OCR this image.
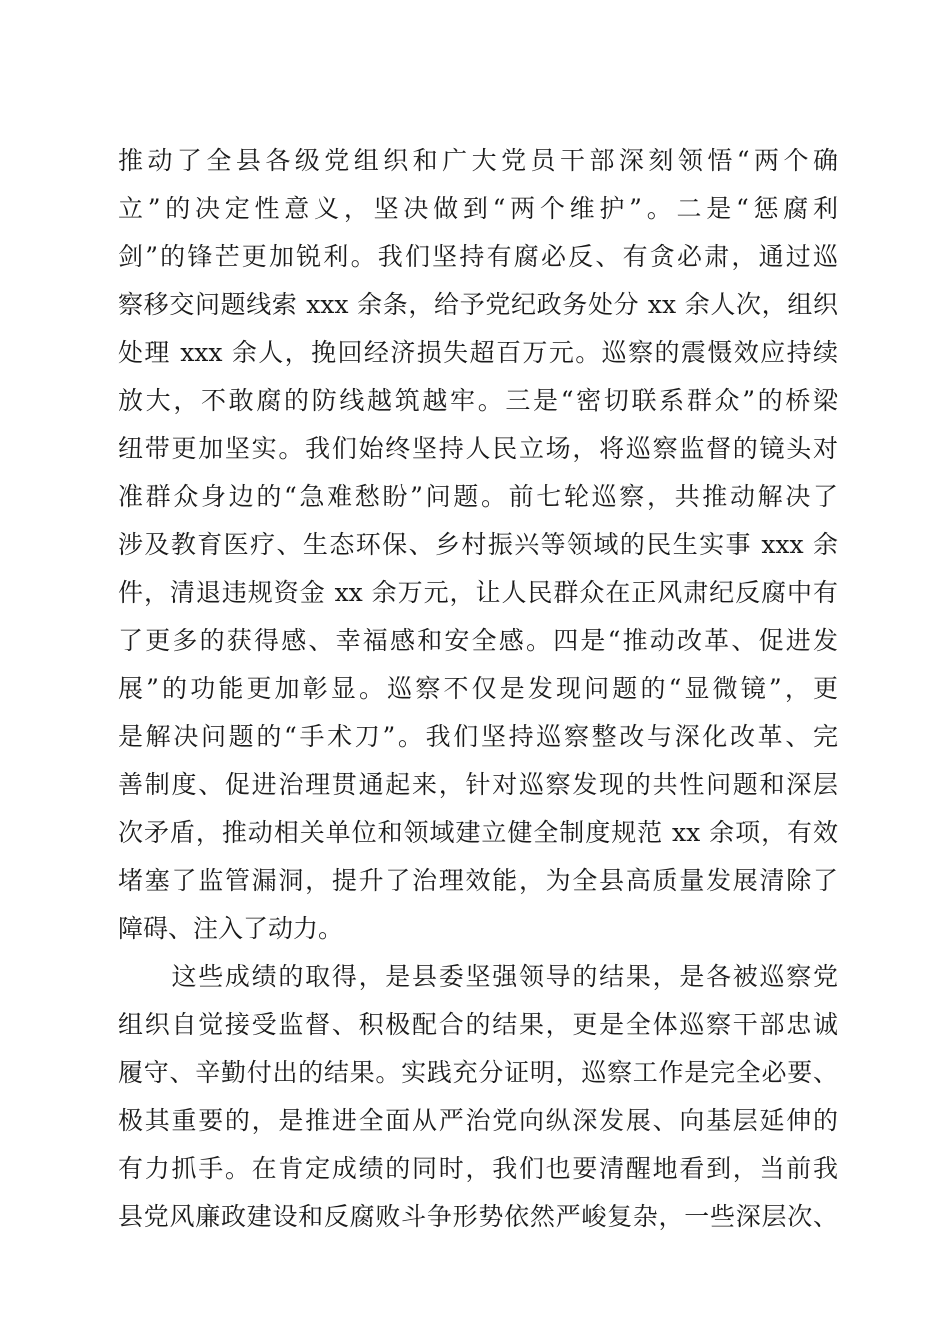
推动了全县各级党组织和广大党员干部深刻领悟“两个确
立”的决定性意义，坚决做到“两个维护”。二是“惩腐利
剑”的锋芒更加锐利。我们坚持有腐必反、有贪必肃，通过巡
察移交问题线索 xxx 余条，给予党纪政务处分 xx 余人次，组织
处理 xxx 余人，挽回经济损失超百万元。巡察的震慑效应持续
放大，不敢腐的防线越筑越牢。三是“密切联系群众”的桥梁
纽带更加坚实。我们始终坚持人民立场，将巡察监督的镜头对
准群众身边的“急难愁盼”问题。前七轮巡察，共推动解决了
涉及教育医疗、生态环保、乡村振兴等领域的民生实事 xxx 余
件，清退违规资金 xx 余万元，让人民群众在正风肃纪反腐中有
了更多的获得感、幸福感和安全感。四是“推动改革、促进发
展”的功能更加彰显。巡察不仅是发现问题的“显微镜”，更
是解决问题的“手术刀”。我们坚持巡察整改与深化改革、完
善制度、促进治理贯通起来，针对巡察发现的共性问题和深层
次矛盾，推动相关单位和领域建立健全制度规范 xx 余项，有效
堵塞了监管漏洞，提升了治理效能，为全县高质量发展清除了
障碍、注入了动力。
　　这些成绩的取得，是县委坚强领导的结果，是各被巡察党
组织自觉接受监督、积极配合的结果，更是全体巡察干部忠诚
履守、辛勤付出的结果。实践充分证明，巡察工作是完全必要、
极其重要的，是推进全面从严治党向纵深发展、向基层延伸的
有力抓手。在肯定成绩的同时，我们也要清醒地看到，当前我
县党风廉政建设和反腐败斗争形势依然严峻复杂，一些深层次、
